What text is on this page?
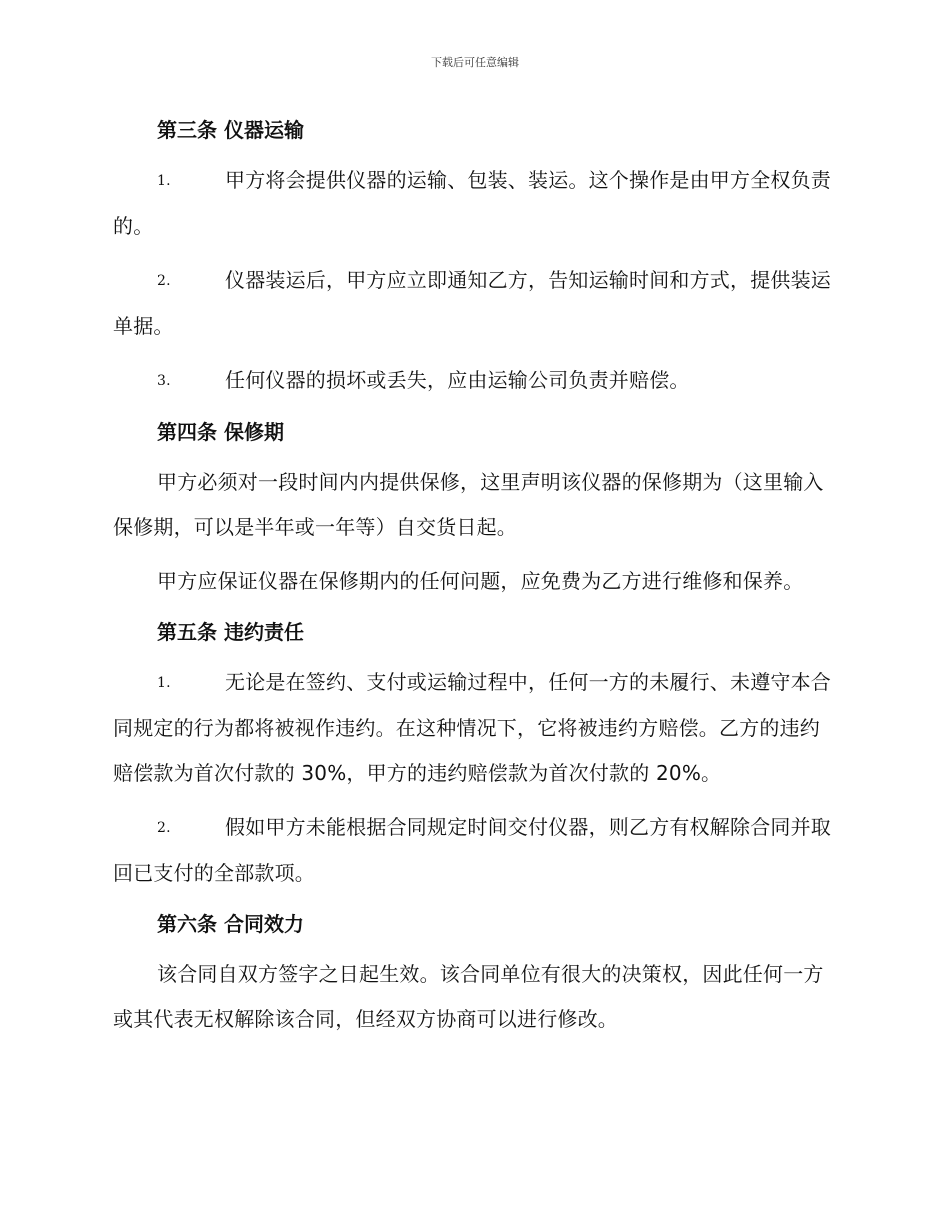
下载后可任意编辑
第三条 仪器运输

1.	甲方将会提供仪器的运输、包装、装运。这个操作是由甲方全权负责的。

2.	仪器装运后，甲方应立即通知乙方，告知运输时间和方式，提供装运单据。

3.	任何仪器的损坏或丢失，应由运输公司负责并赔偿。

第四条 保修期

甲方必须对一段时间内内提供保修，这里声明该仪器的保修期为（这里输入保修期，可以是半年或一年等）自交货日起。

甲方应保证仪器在保修期内的任何问题，应免费为乙方进行维修和保养。

第五条 违约责任

1.	无论是在签约、支付或运输过程中，任何一方的未履行、未遵守本合同规定的行为都将被视作违约。在这种情况下，它将被违约方赔偿。乙方的违约赔偿款为首次付款的 30%，甲方的违约赔偿款为首次付款的 20%。

2.	假如甲方未能根据合同规定时间交付仪器，则乙方有权解除合同并取回已支付的全部款项。

第六条 合同效力

该合同自双方签字之日起生效。该合同单位有很大的决策权，因此任何一方或其代表无权解除该合同，但经双方协商可以进行修改。
